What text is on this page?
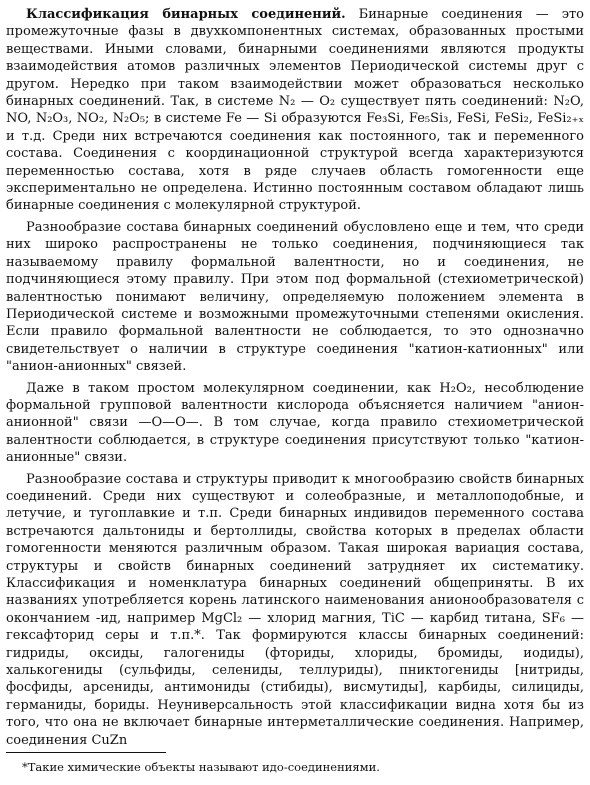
Классификация бинарных соединений. Бинарные соединения — это промежуточные фазы в двухкомпонентных системах, образованных простыми веществами. Иными словами, бинарными соединениями являются продукты взаимодействия атомов различных элементов Периодической системы друг с другом. Нередко при таком взаимодействии может образоваться несколько бинарных соединений. Так, в системе N₂ — O₂ существует пять соединений: N₂O, NO, N₂O₃, NO₂, N₂O₅; в системе Fe — Si образуются Fe₃Si, Fe₅Si₃, FeSi, FeSi₂, FeSi₂₊ₓ и т.д. Среди них встречаются соединения как постоянного, так и переменного состава. Соединения с координационной структурой всегда характеризуются переменностью состава, хотя в ряде случаев область гомогенности еще экспериментально не определена. Истинно постоянным составом обладают лишь бинарные соединения с молекулярной структурой.

Разнообразие состава бинарных соединений обусловлено еще и тем, что среди них широко распространены не только соединения, подчиняющиеся так называемому правилу формальной валентности, но и соединения, не подчиняющиеся этому правилу. При этом под формальной (стехиометрической) валентностью понимают величину, определяемую положением элемента в Периодической системе и возможными промежуточными степенями окисления. Если правило формальной валентности не соблюдается, то это однозначно свидетельствует о наличии в структуре соединения "катион-катионных" или "анион-анионных" связей.

Даже в таком простом молекулярном соединении, как H₂O₂, несоблюдение формальной групповой валентности кислорода объясняется наличием "анион-анионной" связи —O—O—. В том случае, когда правило стехиометрической валентности соблюдается, в структуре соединения присутствуют только "катион-анионные" связи.

Разнообразие состава и структуры приводит к многообразию свойств бинарных соединений. Среди них существуют и солеобразные, и металлоподобные, и летучие, и тугоплавкие и т.п. Среди бинарных индивидов переменного состава встречаются дальтониды и бертоллиды, свойства которых в пределах области гомогенности меняются различным образом. Такая широкая вариация состава, структуры и свойств бинарных соединений затрудняет их систематику. Классификация и номенклатура бинарных соединений общеприняты. В их названиях употребляется корень латинского наименования анионообразователя с окончанием -ид, например MgCl₂ — хлорид магния, TiC — карбид титана, SF₆ — гексафторид серы и т.п.*. Так формируются классы бинарных соединений: гидриды, оксиды, галогениды (фториды, хлориды, бромиды, иодиды), халькогениды (сульфиды, селениды, теллуриды), пниктогениды [нитриды, фосфиды, арсениды, антимониды (стибиды), висмутиды], карбиды, силициды, германиды, бориды. Неуниверсальность этой классификации видна хотя бы из того, что она не включает бинарные интерметаллические соединения. Например, соединения CuZn

*Такие химические объекты называют идо-соединениями.
